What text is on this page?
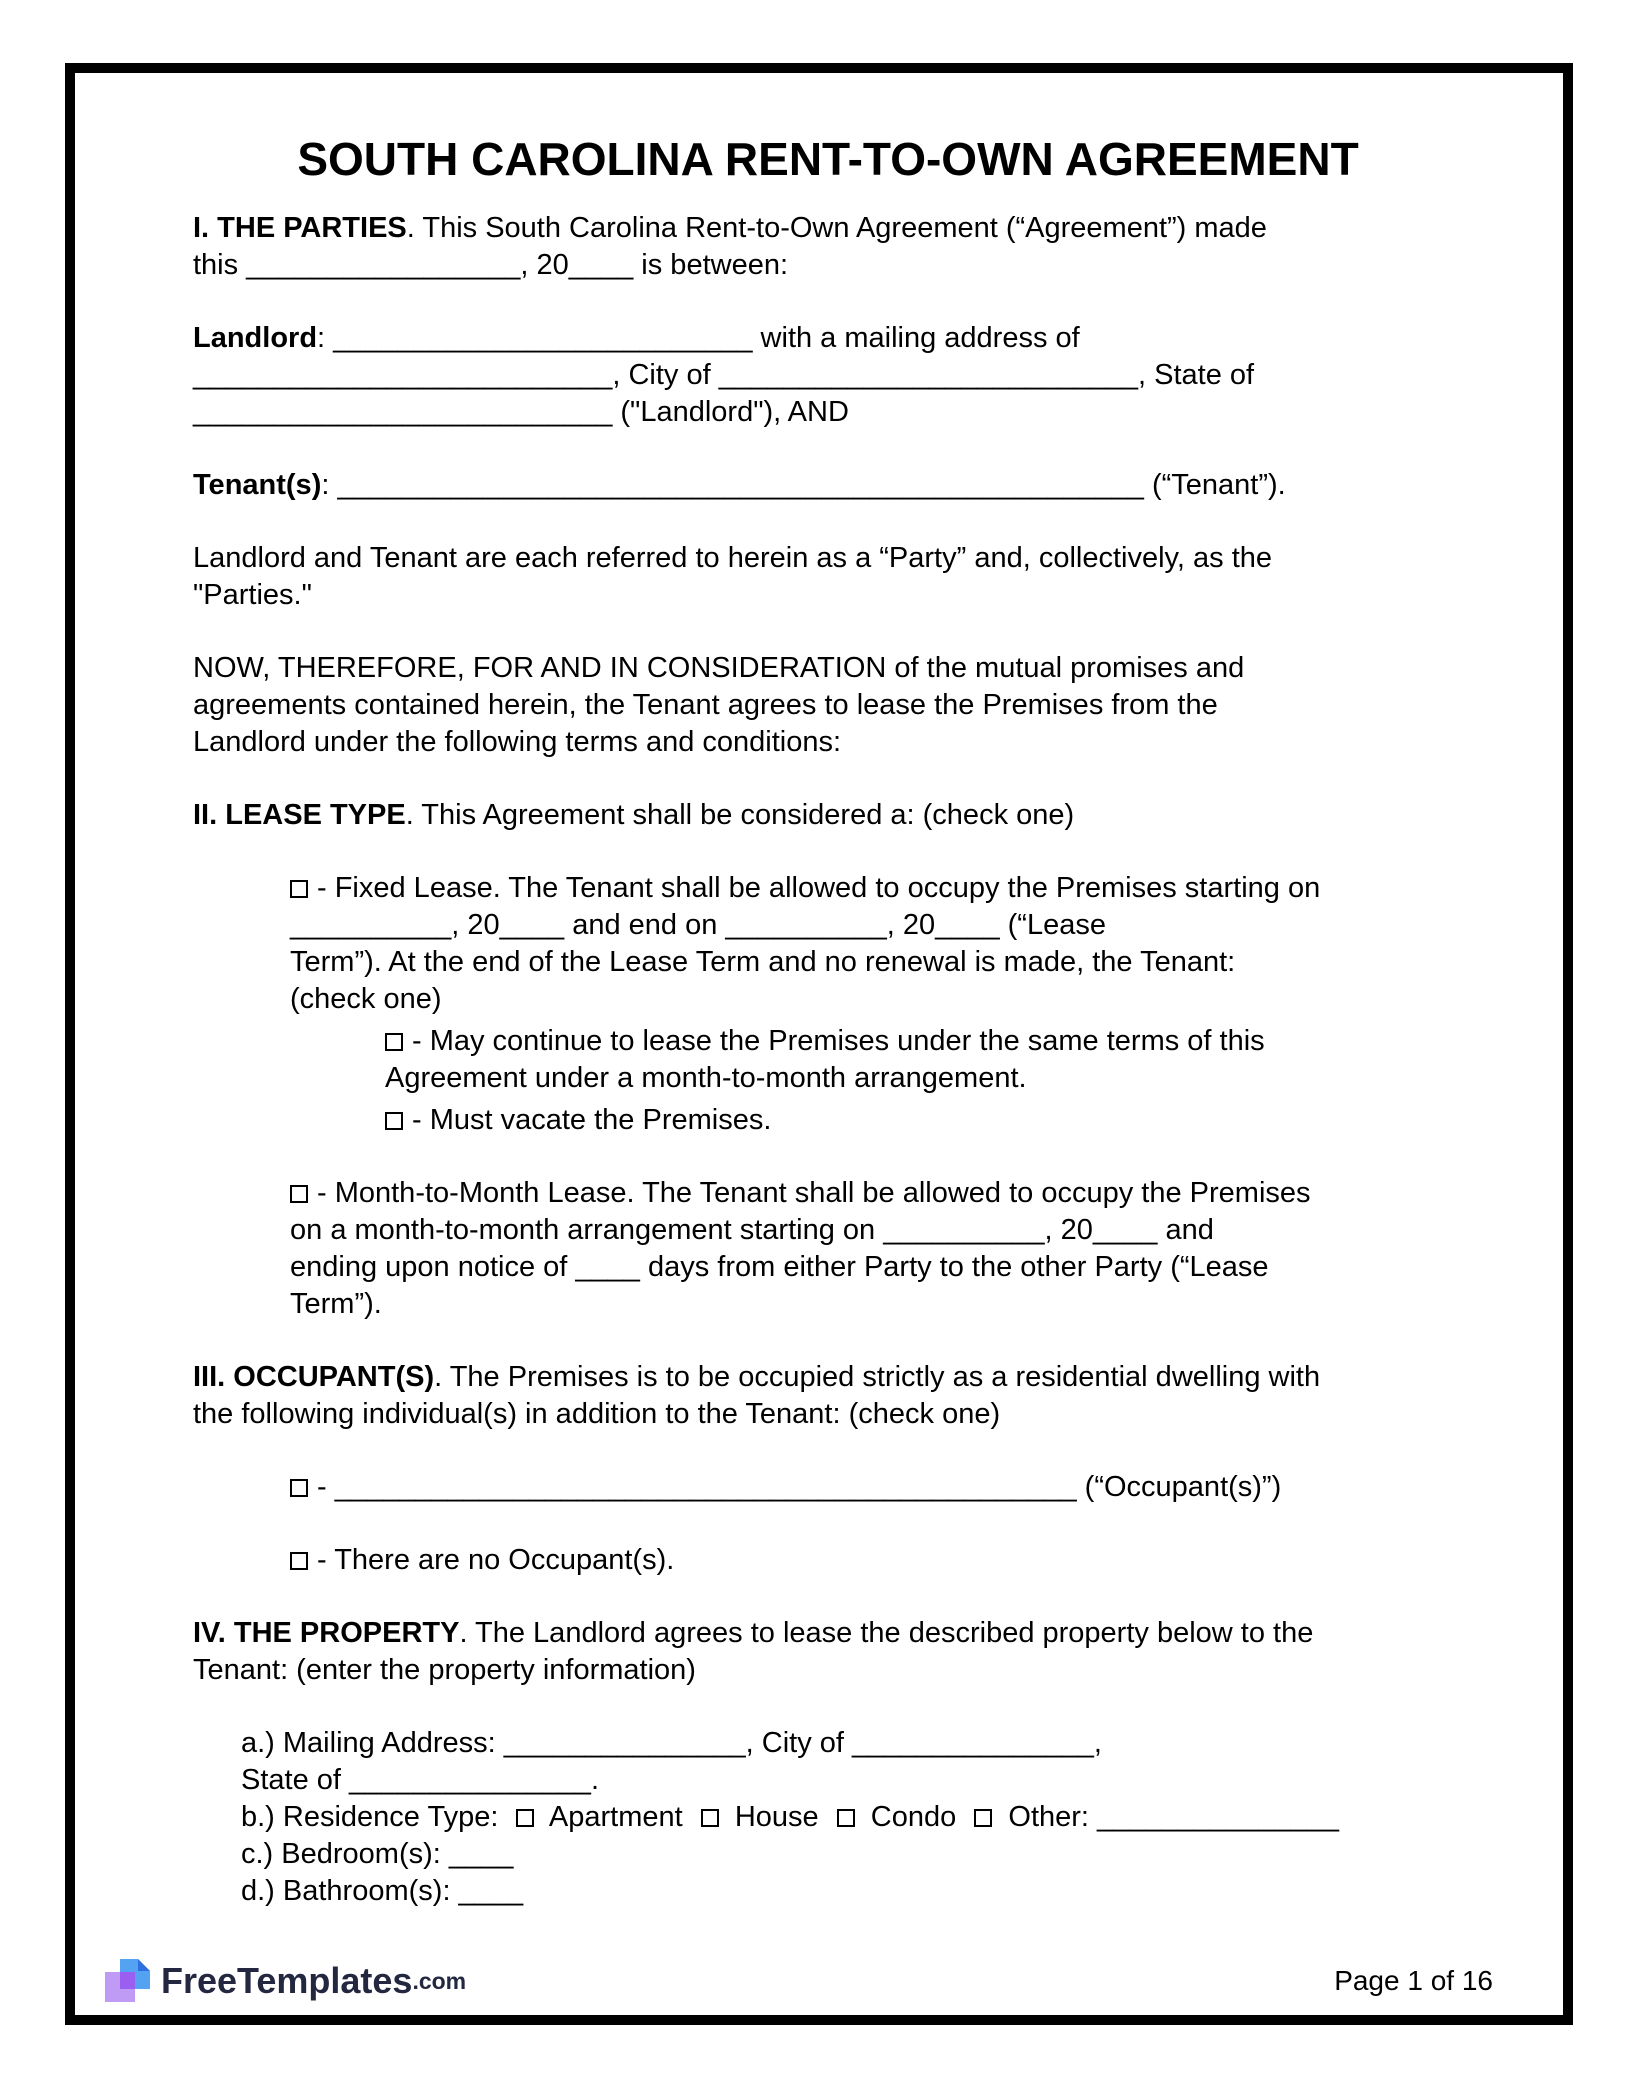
SOUTH CAROLINA RENT-TO-OWN AGREEMENT
I. THE PARTIES. This South Carolina Rent-to-Own Agreement (“Agreement”) made
this _________________, 20____ is between:
Landlord: __________________________ with a mailing address of
__________________________, City of __________________________, State of
__________________________ ("Landlord"), AND
Tenant(s): __________________________________________________ (“Tenant”).
Landlord and Tenant are each referred to herein as a “Party” and, collectively, as the
"Parties."
NOW, THEREFORE, FOR AND IN CONSIDERATION of the mutual promises and
agreements contained herein, the Tenant agrees to lease the Premises from the
Landlord under the following terms and conditions:
II. LEASE TYPE. This Agreement shall be considered a: (check one)
- Fixed Lease. The Tenant shall be allowed to occupy the Premises starting on
__________, 20____ and end on __________, 20____ (“Lease
Term”). At the end of the Lease Term and no renewal is made, the Tenant:
(check one)
- May continue to lease the Premises under the same terms of this
Agreement under a month-to-month arrangement.
- Must vacate the Premises.
- Month-to-Month Lease. The Tenant shall be allowed to occupy the Premises
on a month-to-month arrangement starting on __________, 20____ and
ending upon notice of ____ days from either Party to the other Party (“Lease
Term”).
III. OCCUPANT(S). The Premises is to be occupied strictly as a residential dwelling with
the following individual(s) in addition to the Tenant: (check one)
- ______________________________________________ (“Occupant(s)”)
- There are no Occupant(s).
IV. THE PROPERTY. The Landlord agrees to lease the described property below to the
Tenant: (enter the property information)
a.) Mailing Address: _______________, City of _______________,
State of _______________.
b.) Residence Type: Apartment House Condo Other: _______________
c.) Bedroom(s): ____
d.) Bathroom(s): ____
FreeTemplates .com	Page 1 of 16
